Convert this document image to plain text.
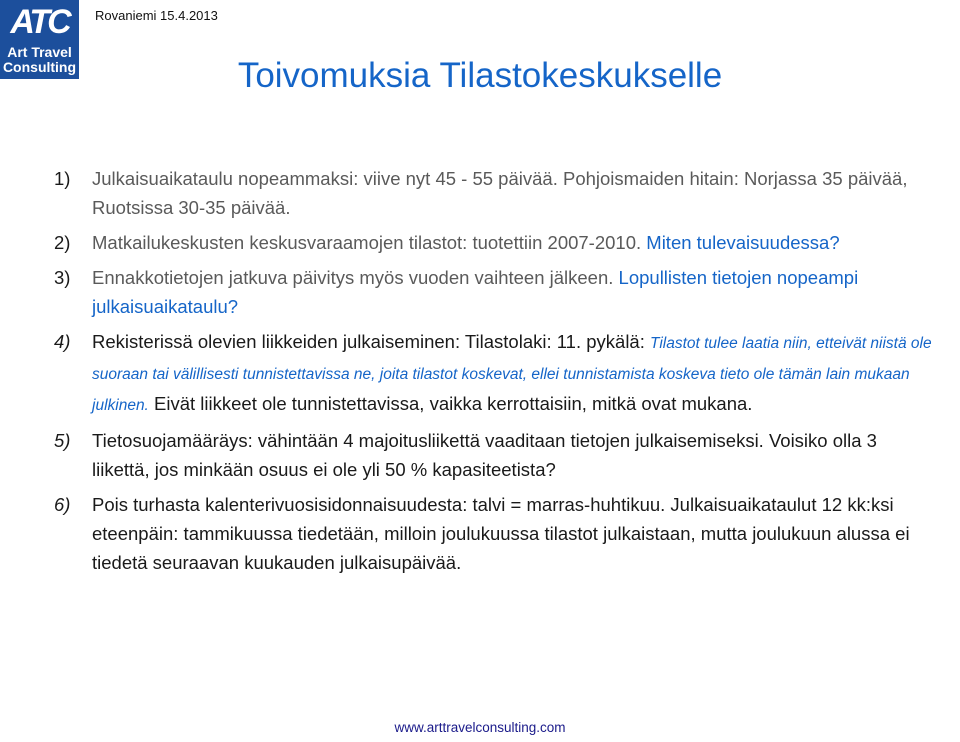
ATC
Art Travel
Consulting
Rovaniemi 15.4.2013
Toivomuksia Tilastokeskukselle
1) Julkaisuaikataulu nopeammaksi: viive nyt 45 - 55 päivää. Pohjoismaiden hitain: Norjassa 35 päivää, Ruotsissa 30-35 päivää.
2) Matkailukeskusten keskusvaraamojen tilastot: tuotettiin 2007-2010. Miten tulevaisuudessa?
3) Ennakkotietojen jatkuva päivitys myös vuoden vaihteen jälkeen. Lopullisten tietojen nopeampi julkaisuaikataulu?
4) Rekisterissä olevien liikkeiden julkaiseminen: Tilastolaki: 11. pykälä: Tilastot tulee laatia niin, etteivät niistä ole suoraan tai välillisesti tunnistettavissa ne, joita tilastot koskevat, ellei tunnistamista koskeva tieto ole tämän lain mukaan julkinen. Eivät liikkeet ole tunnistettavissa, vaikka kerrottaisiin, mitkä ovat mukana.
5) Tietosuojamääräys: vähintään 4 majoitusliikettä vaaditaan tietojen julkaisemiseksi. Voisiko olla 3 liikettä, jos minkään osuus ei ole yli 50 % kapasiteetista?
6) Pois turhasta kalenterivuosisidonnaisuudesta: talvi = marras-huhtikuu. Julkaisuaikataulut 12 kk:ksi eteenpäin: tammikuussa tiedetään, milloin joulukuussa tilastot julkaistaan, mutta joulukuun alussa ei tiedetä seuraavan kuukauden julkaisupäivää.
www.arttravelconsulting.com
